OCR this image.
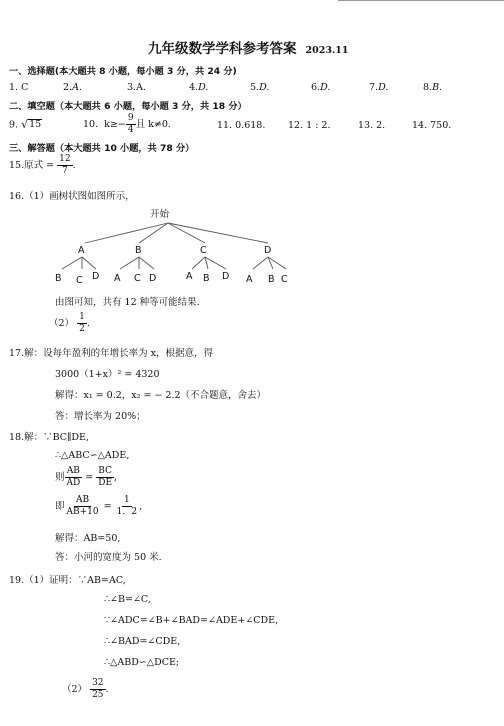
九年级数学学科参考答案 2023.11
一、选择题(本大题共 8 小题，每小题 3 分，共 24 分)
1. C	2.A.	3.A.	4.D.	5.D.	6.D.	7.D.	8.B.
二、填空题（本大题共 6 小题，每小题 3 分，共 18 分）
9. √ 15	10. $k\ge- \frac{9}{4}$ 且 k≠0.	11. 0.618. 12. 1 : 2.	13. 2.	14. 750.
三、解答题（本大题共 10 小题，共 78 分）
15.原式 = $\frac{12}{7}$ .
16.（1）画树状图如图所示，
开始
A	B	C	D
B C D A C D	A B D A B C
由图可知，共有 12 种等可能结果.
$(2) \frac{1}{2}$ .
17.解：设每年盈利的年增长率为 x，根据意，得
3000（1+x）² = 4320
解得：x₁ = 0.2，x₂ = − 2.2（不合题意，舍去）
答：增长率为 20%；
18.解：∵BC∥DE,
∴△ABC∽△ADE,
则 $\frac{AB}{AD} = \frac{BC}{DE}$ ,
即 $\frac{AB}{AB+10} = \frac{1}{1.2}$ ,
解得：AB=50,
答：小河的宽度为 50 米.
19.（1）证明：∵AB=AC,
∴∠B=∠C,
∵∠ADC=∠B+∠BAD=∠ADE+∠CDE,
∴∠BAD=∠CDE,
∴△ABD∽△DCE;
$(2) \frac{32}{25}$ .
